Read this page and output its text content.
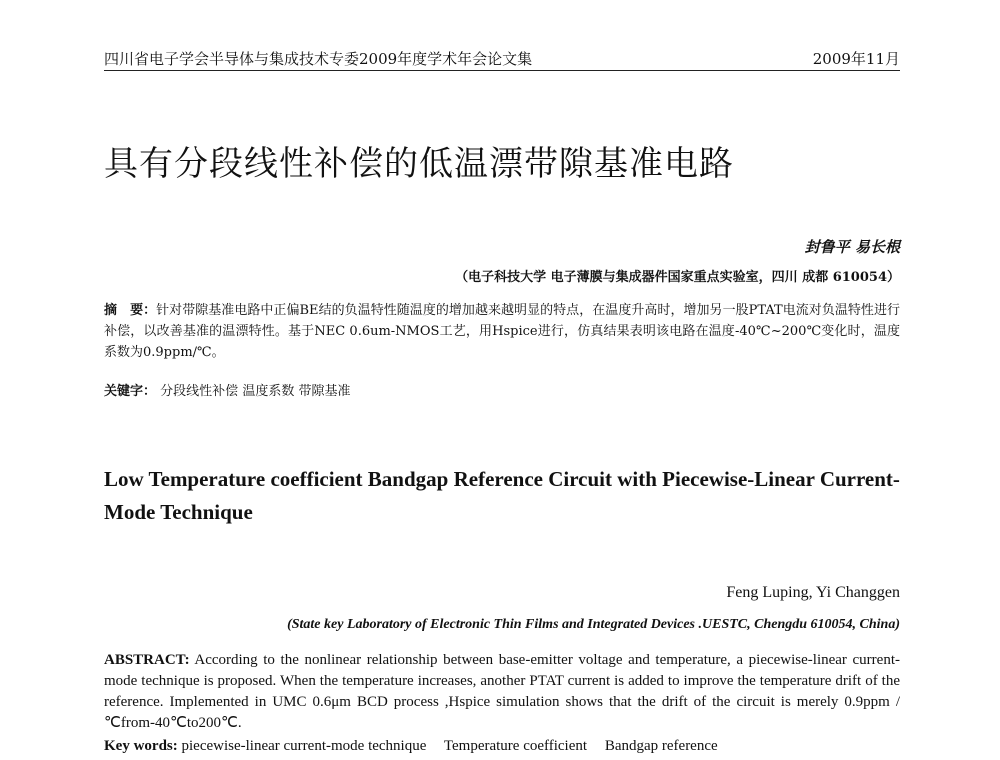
四川省电子学会半导体与集成技术专委2009年度学术年会论文集	2009年11月
具有分段线性补偿的低温漂带隙基准电路
封鲁平 易长根
（电子科技大学 电子薄膜与集成器件国家重点实验室，四川 成都 610054）
摘　要：针对带隙基准电路中正偏BE结的负温特性随温度的增加越来越明显的特点，在温度升高时，增加另一股PTAT电流对负温特性进行补偿，以改善基准的温漂特性。基于NEC 0.6um-NMOS工艺，用Hspice进行，仿真结果表明该电路在温度-40℃~200℃变化时，温度系数为0.9ppm/℃。
关键字： 分段线性补偿 温度系数 带隙基准
Low Temperature coefficient Bandgap Reference Circuit with Piecewise-Linear Current-Mode Technique
Feng Luping, Yi Changgen
(State key Laboratory of Electronic Thin Films and Integrated Devices .UESTC, Chengdu 610054, China)
ABSTRACT: According to the nonlinear relationship between base-emitter voltage and temperature, a piecewise-linear current-mode technique is proposed. When the temperature increases, another PTAT current is added to improve the temperature drift of the reference. Implemented in UMC 0.6μm BCD process ,Hspice simulation shows that the drift of the circuit is merely 0.9ppm / ℃from-40℃to200℃.
Key words: piecewise-linear current-mode technique Temperature coefficient Bandgap reference
